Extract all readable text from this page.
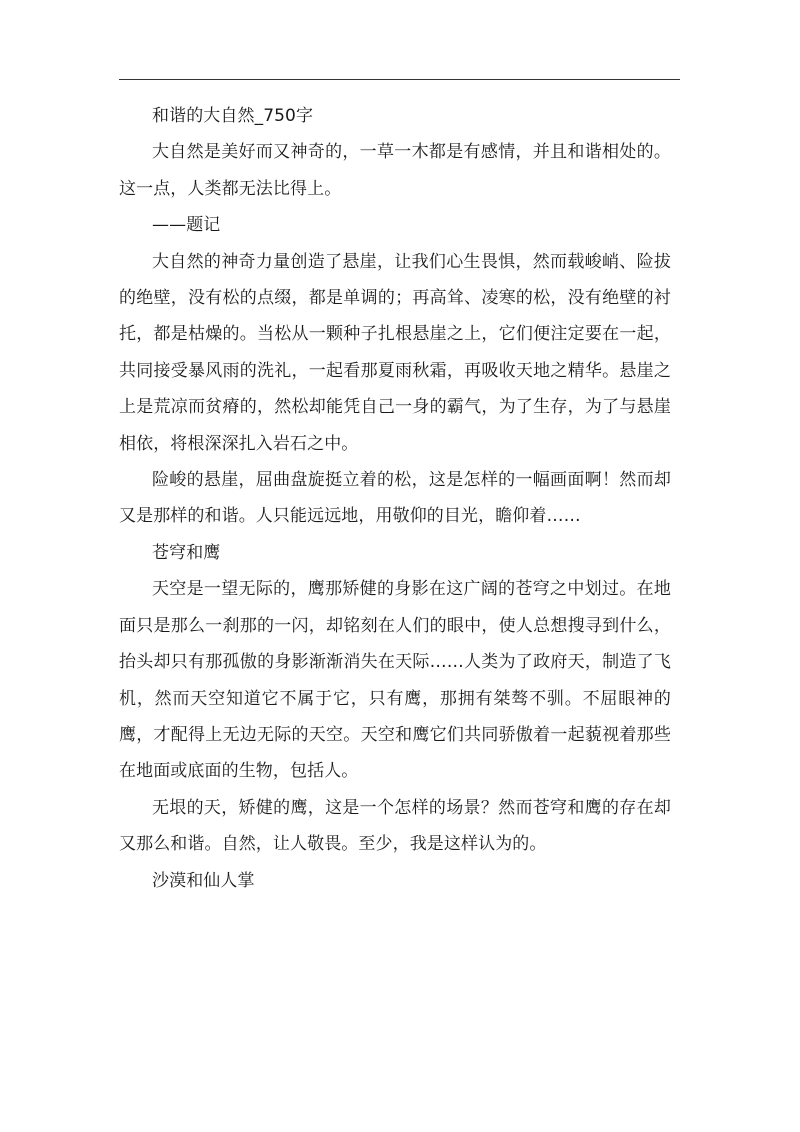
和谐的大自然_750字

大自然是美好而又神奇的，一草一木都是有感情，并且和谐相处的。这一点，人类都无法比得上。

——题记

大自然的神奇力量创造了悬崖，让我们心生畏惧，然而载峻峭、险拔的绝壁，没有松的点缀，都是单调的；再高耸、凌寒的松，没有绝壁的衬托，都是枯燥的。当松从一颗种子扎根悬崖之上，它们便注定要在一起，共同接受暴风雨的洗礼，一起看那夏雨秋霜，再吸收天地之精华。悬崖之上是荒凉而贫瘠的，然松却能凭自己一身的霸气，为了生存，为了与悬崖相依，将根深深扎入岩石之中。

险峻的悬崖，屈曲盘旋挺立着的松，这是怎样的一幅画面啊！然而却又是那样的和谐。人只能远远地，用敬仰的目光，瞻仰着……

苍穹和鹰

天空是一望无际的，鹰那矫健的身影在这广阔的苍穹之中划过。在地面只是那么一刹那的一闪，却铭刻在人们的眼中，使人总想搜寻到什么，抬头却只有那孤傲的身影渐渐消失在天际……人类为了政府天，制造了飞机，然而天空知道它不属于它，只有鹰，那拥有桀骜不驯。不屈眼神的鹰，才配得上无边无际的天空。天空和鹰它们共同骄傲着一起藐视着那些在地面或底面的生物，包括人。

无垠的天，矫健的鹰，这是一个怎样的场景？然而苍穹和鹰的存在却又那么和谐。自然，让人敬畏。至少，我是这样认为的。

沙漠和仙人掌
